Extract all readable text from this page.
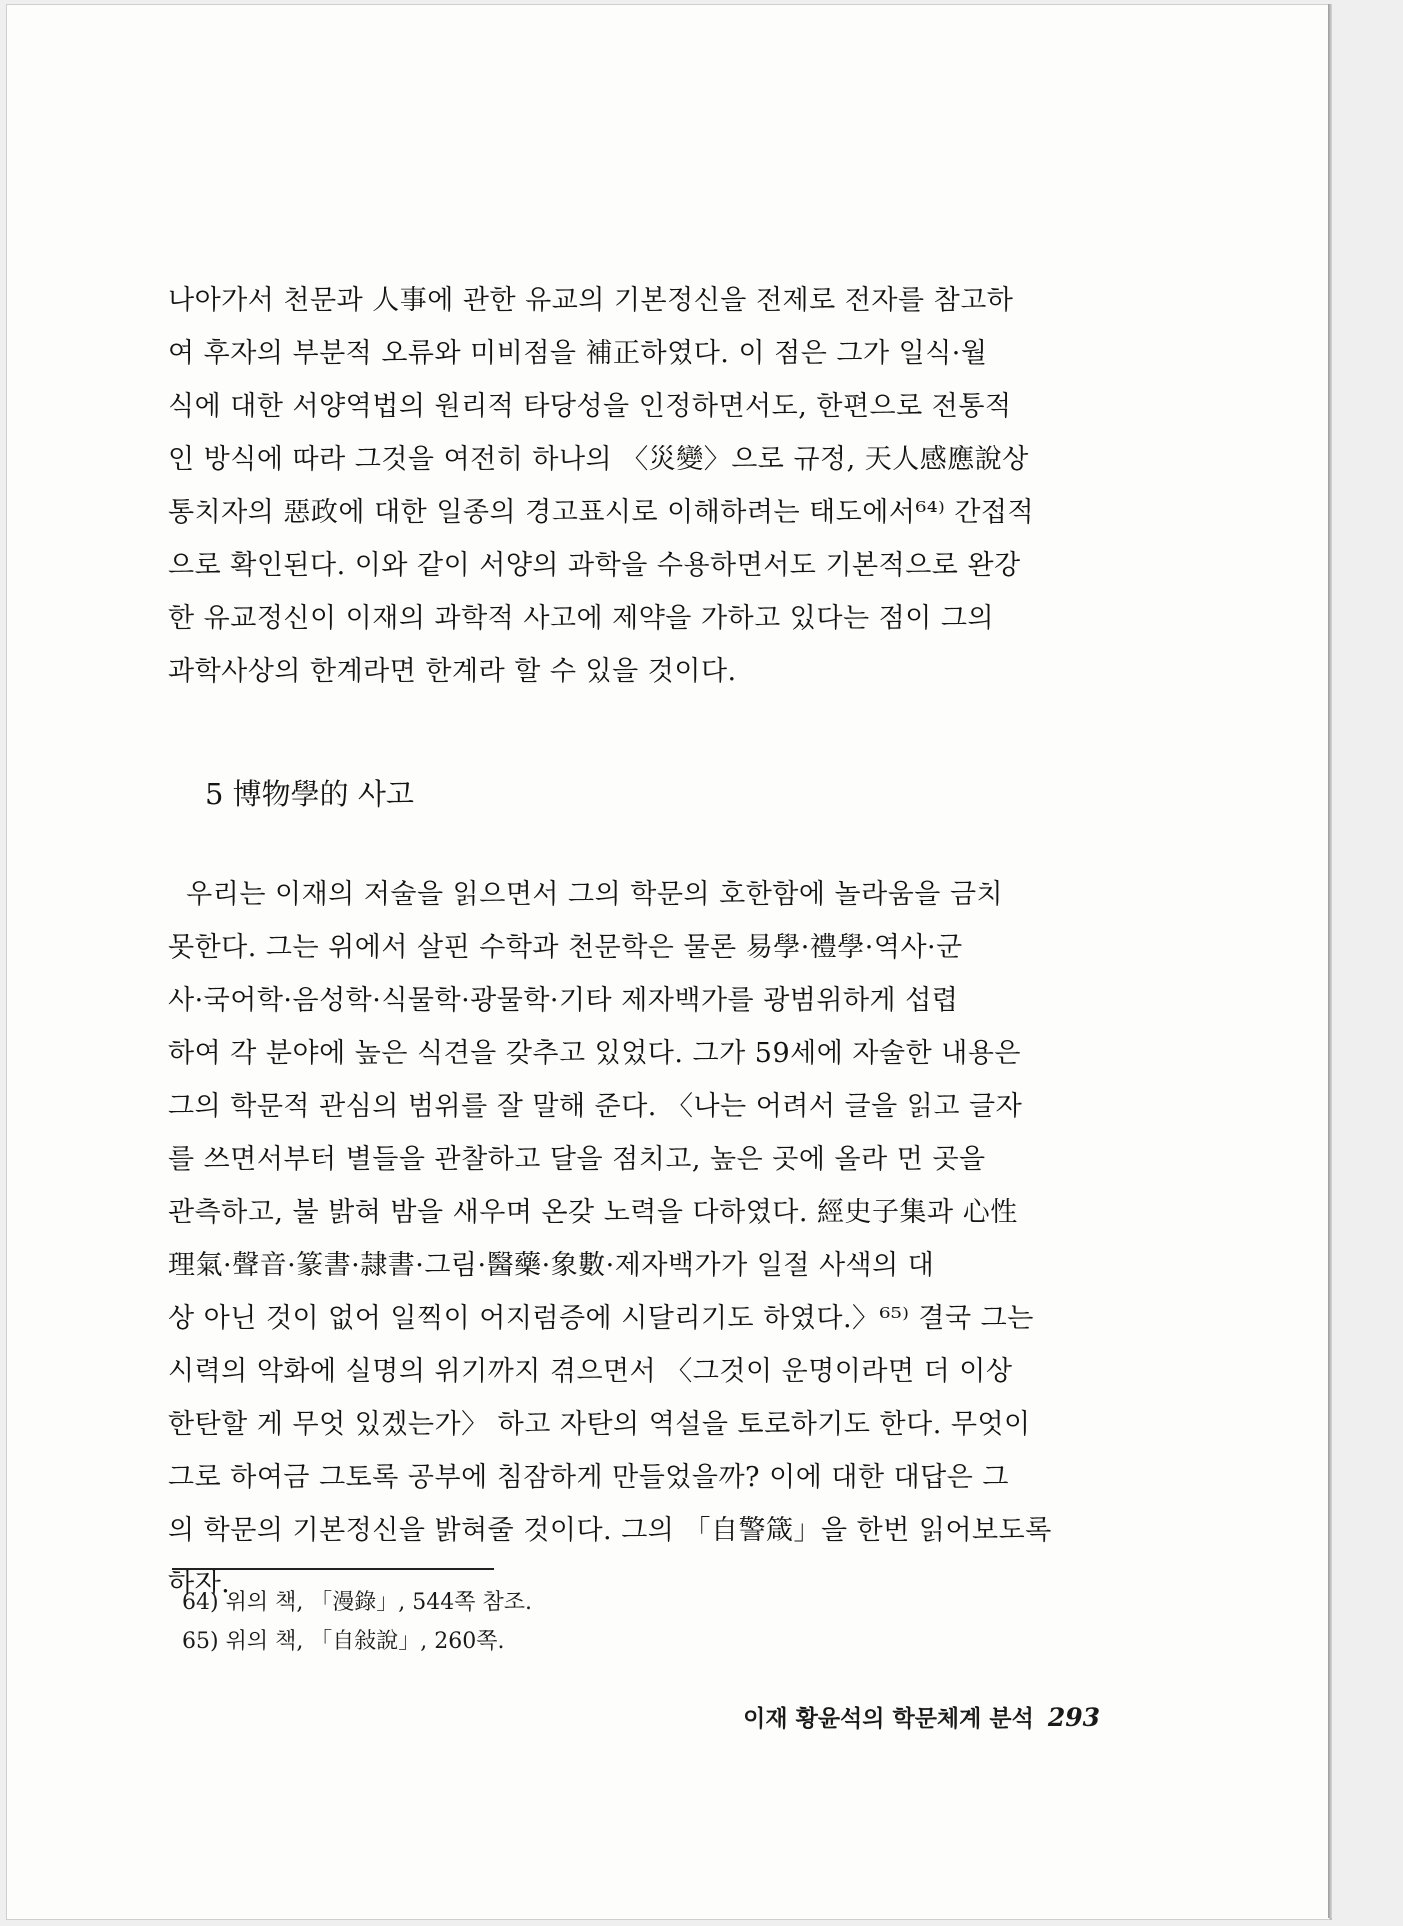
나아가서 천문과 人事에 관한 유교의 기본정신을 전제로 전자를 참고하
여 후자의 부분적 오류와 미비점을 補正하였다. 이 점은 그가 일식·월
식에 대한 서양역법의 원리적 타당성을 인정하면서도, 한편으로 전통적
인 방식에 따라 그것을 여전히 하나의 〈災變〉으로 규정, 天人感應說상
통치자의 惡政에 대한 일종의 경고표시로 이해하려는 태도에서⁶⁴⁾ 간접적
으로 확인된다. 이와 같이 서양의 과학을 수용하면서도 기본적으로 완강
한 유교정신이 이재의 과학적 사고에 제약을 가하고 있다는 점이 그의
과학사상의 한계라면 한계라 할 수 있을 것이다.
5 博物學的 사고
우리는 이재의 저술을 읽으면서 그의 학문의 호한함에 놀라움을 금치
못한다. 그는 위에서 살핀 수학과 천문학은 물론 易學·禮學·역사·군
사·국어학·음성학·식물학·광물학·기타 제자백가를 광범위하게 섭렵
하여 각 분야에 높은 식견을 갖추고 있었다. 그가 59세에 자술한 내용은
그의 학문적 관심의 범위를 잘 말해 준다. 〈나는 어려서 글을 읽고 글자
를 쓰면서부터 별들을 관찰하고 달을 점치고, 높은 곳에 올라 먼 곳을
관측하고, 불 밝혀 밤을 새우며 온갖 노력을 다하였다. 經史子集과 心性
理氣·聲音·篆書·隷書·그림·醫藥·象數·제자백가가 일절 사색의 대
상 아닌 것이 없어 일찍이 어지럼증에 시달리기도 하였다.〉⁶⁵⁾ 결국 그는
시력의 악화에 실명의 위기까지 겪으면서 〈그것이 운명이라면 더 이상
한탄할 게 무엇 있겠는가〉 하고 자탄의 역설을 토로하기도 한다. 무엇이
그로 하여금 그토록 공부에 침잠하게 만들었을까? 이에 대한 대답은 그
의 학문의 기본정신을 밝혀줄 것이다. 그의 「自警箴」을 한번 읽어보도록
하자.
64) 위의 책, 「漫錄」, 544쪽 참조.
65) 위의 책, 「自敍說」, 260쪽.
이재 황윤석의 학문체계 분석 293
